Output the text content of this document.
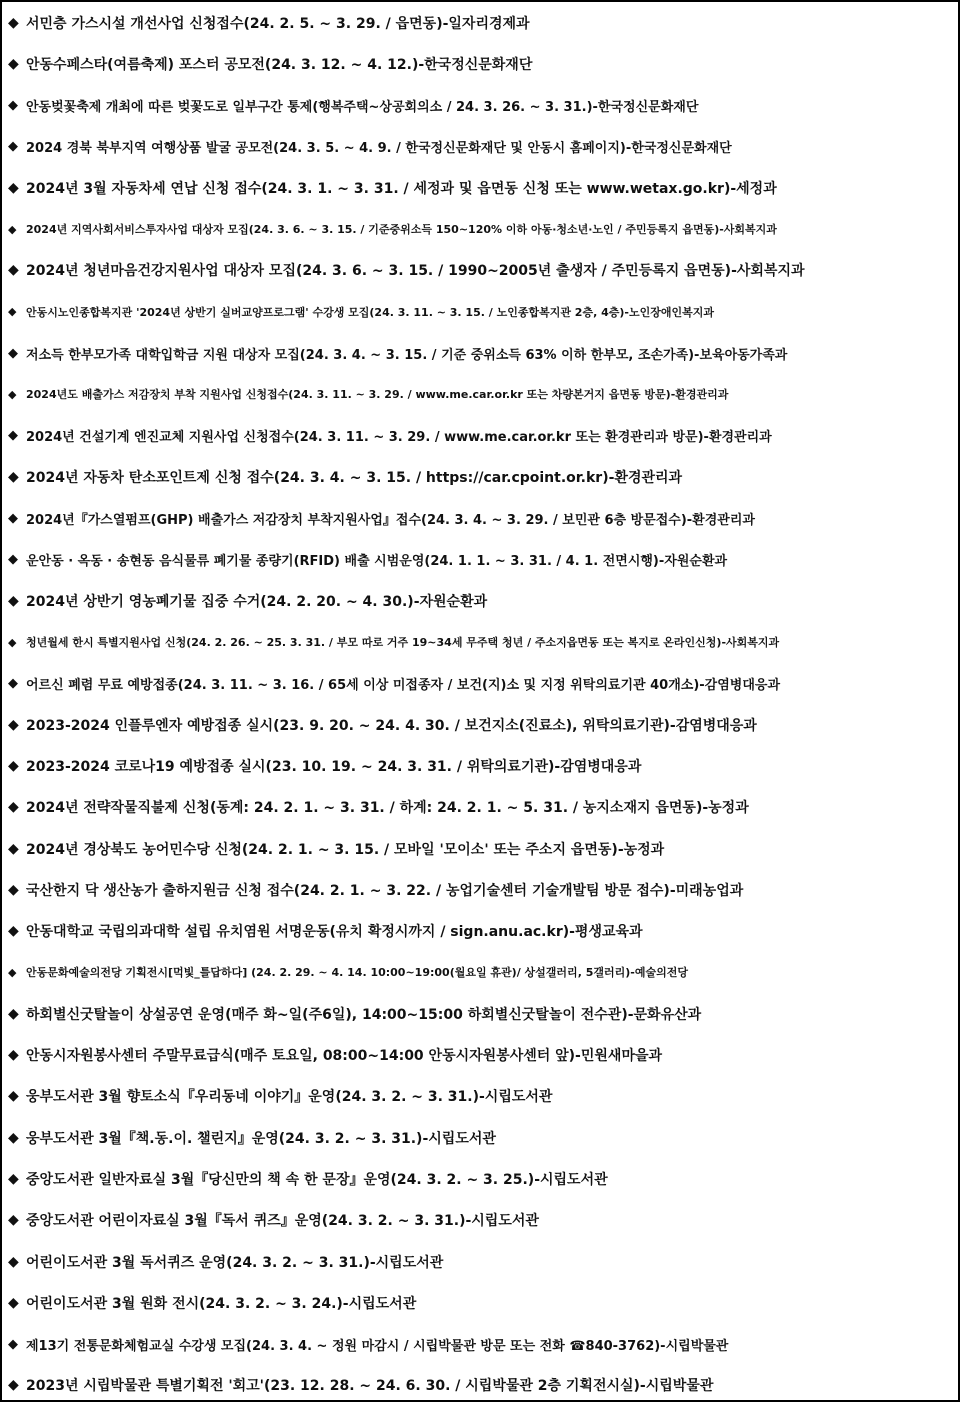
◆ 서민층 가스시설 개선사업 신청접수(24. 2. 5. ~ 3. 29. / 읍면동)-일자리경제과
◆ 안동수페스타(여름축제) 포스터 공모전(24. 3. 12. ~ 4. 12.)-한국정신문화재단
◆ 안동벚꽃축제 개최에 따른 벚꽃도로 일부구간 통제(행복주택~상공회의소 / 24. 3. 26. ~ 3. 31.)-한국정신문화재단
◆ 2024 경북 북부지역 여행상품 발굴 공모전(24. 3. 5. ~ 4. 9. / 한국정신문화재단 및 안동시 홈페이지)-한국정신문화재단
◆ 2024년 3월 자동차세 연납 신청 접수(24. 3. 1. ~ 3. 31. / 세정과 및 읍면동 신청 또는 www.wetax.go.kr)-세정과
◆ 2024년 지역사회서비스투자사업 대상자 모집(24. 3. 6. ~ 3. 15. / 기준중위소득 150~120% 이하 아동·청소년·노인 / 주민등록지 읍면동)-사회복지과
◆ 2024년 청년마음건강지원사업 대상자 모집(24. 3. 6. ~ 3. 15. / 1990~2005년 출생자 / 주민등록지 읍면동)-사회복지과
◆ 안동시노인종합복지관 '2024년 상반기 실버교양프로그램' 수강생 모집(24. 3. 11. ~ 3. 15. / 노인종합복지관 2층, 4층)-노인장애인복지과
◆ 저소득 한부모가족 대학입학금 지원 대상자 모집(24. 3. 4. ~ 3. 15. / 기준 중위소득 63% 이하 한부모, 조손가족)-보육아동가족과
◆ 2024년도 배출가스 저감장치 부착 지원사업 신청접수(24. 3. 11. ~ 3. 29. / www.me.car.or.kr 또는 차량본거지 읍면동 방문)-환경관리과
◆ 2024년 건설기계 엔진교체 지원사업 신청접수(24. 3. 11. ~ 3. 29. / www.me.car.or.kr 또는 환경관리과 방문)-환경관리과
◆ 2024년 자동차 탄소포인트제 신청 접수(24. 3. 4. ~ 3. 15. / https://car.cpoint.or.kr)-환경관리과
◆ 2024년『가스열펌프(GHP) 배출가스 저감장치 부착지원사업』접수(24. 3. 4. ~ 3. 29. / 보민관 6층 방문접수)-환경관리과
◆ 운안동 · 옥동 · 송현동 음식물류 폐기물 종량기(RFID) 배출 시범운영(24. 1. 1. ~ 3. 31. / 4. 1. 전면시행)-자원순환과
◆ 2024년 상반기 영농폐기물 집중 수거(24. 2. 20. ~ 4. 30.)-자원순환과
◆ 청년월세 한시 특별지원사업 신청(24. 2. 26. ~ 25. 3. 31. / 부모 따로 거주 19~34세 무주택 청년 / 주소지읍면동 또는 복지로 온라인신청)-사회복지과
◆ 어르신 폐렴 무료 예방접종(24. 3. 11. ~ 3. 16. / 65세 이상 미접종자 / 보건(지)소 및 지정 위탁의료기관 40개소)-감염병대응과
◆ 2023-2024 인플루엔자 예방접종 실시(23. 9. 20. ~ 24. 4. 30. / 보건지소(진료소), 위탁의료기관)-감염병대응과
◆ 2023-2024 코로나19 예방접종 실시(23. 10. 19. ~ 24. 3. 31. / 위탁의료기관)-감염병대응과
◆ 2024년 전략작물직불제 신청(동계: 24. 2. 1. ~ 3. 31. / 하계: 24. 2. 1. ~ 5. 31. / 농지소재지 읍면동)-농정과
◆ 2024년 경상북도 농어민수당 신청(24. 2. 1. ~ 3. 15. / 모바일 '모이소' 또는 주소지 읍면동)-농정과
◆ 국산한지 닥 생산농가 출하지원금 신청 접수(24. 2. 1. ~ 3. 22. / 농업기술센터 기술개발팀 방문 접수)-미래농업과
◆ 안동대학교 국립의과대학 설립 유치염원 서명운동(유치 확정시까지 / sign.anu.ac.kr)-평생교육과
◆ 안동문화예술의전당 기획전시[먹빛_틀답하다] (24. 2. 29. ~ 4. 14. 10:00~19:00(월요일 휴관)/ 상설갤러리, 5갤러리)-예술의전당
◆ 하회별신굿탈놀이 상설공연 운영(매주 화~일(주6일), 14:00~15:00 하회별신굿탈놀이 전수관)-문화유산과
◆ 안동시자원봉사센터 주말무료급식(매주 토요일, 08:00~14:00 안동시자원봉사센터 앞)-민원새마을과
◆ 웅부도서관 3월 향토소식『우리동네 이야기』운영(24. 3. 2. ~ 3. 31.)-시립도서관
◆ 웅부도서관 3월『책.동.이. 챌린지』운영(24. 3. 2. ~ 3. 31.)-시립도서관
◆ 중앙도서관 일반자료실 3월『당신만의 책 속 한 문장』운영(24. 3. 2. ~ 3. 25.)-시립도서관
◆ 중앙도서관 어린이자료실 3월『독서 퀴즈』운영(24. 3. 2. ~ 3. 31.)-시립도서관
◆ 어린이도서관 3월 독서퀴즈 운영(24. 3. 2. ~ 3. 31.)-시립도서관
◆ 어린이도서관 3월 원화 전시(24. 3. 2. ~ 3. 24.)-시립도서관
◆ 제13기 전통문화체험교실 수강생 모집(24. 3. 4. ~ 정원 마감시 / 시립박물관 방문 또는 전화 ☎840-3762)-시립박물관
◆ 2023년 시립박물관 특별기획전 '회고'(23. 12. 28. ~ 24. 6. 30. / 시립박물관 2층 기획전시실)-시립박물관
